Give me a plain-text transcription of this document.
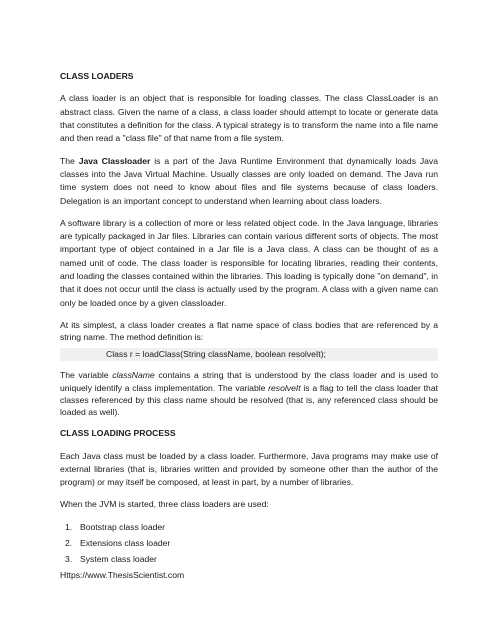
CLASS LOADERS

A class loader is an object that is responsible for loading classes. The class ClassLoader is an abstract class. Given the name of a class, a class loader should attempt to locate or generate data that constitutes a definition for the class. A typical strategy is to transform the name into a file name and then read a "class file" of that name from a file system.

The Java Classloader is a part of the Java Runtime Environment that dynamically loads Java classes into the Java Virtual Machine. Usually classes are only loaded on demand. The Java run time system does not need to know about files and file systems because of class loaders. Delegation is an important concept to understand when learning about class loaders.

A software library is a collection of more or less related object code. In the Java language, libraries are typically packaged in Jar files. Libraries can contain various different sorts of objects. The most important type of object contained in a Jar file is a Java class. A class can be thought of as a named unit of code. The class loader is responsible for locating libraries, reading their contents, and loading the classes contained within the libraries. This loading is typically done "on demand", in that it does not occur until the class is actually used by the program. A class with a given name can only be loaded once by a given classloader.

At its simplest, a class loader creates a flat name space of class bodies that are referenced by a string name. The method definition is:

Class r = loadClass(String className, boolean resolveIt);

The variable className contains a string that is understood by the class loader and is used to uniquely identify a class implementation. The variable resolveIt is a flag to tell the class loader that classes referenced by this class name should be resolved (that is, any referenced class should be loaded as well).

CLASS LOADING PROCESS

Each Java class must be loaded by a class loader. Furthermore, Java programs may make use of external libraries (that is, libraries written and provided by someone other than the author of the program) or may itself be composed, at least in part, by a number of libraries.

When the JVM is started, three class loaders are used:

1. Bootstrap class loader
2. Extensions class loader
3. System class loader
Https://www.ThesisScientist.com
